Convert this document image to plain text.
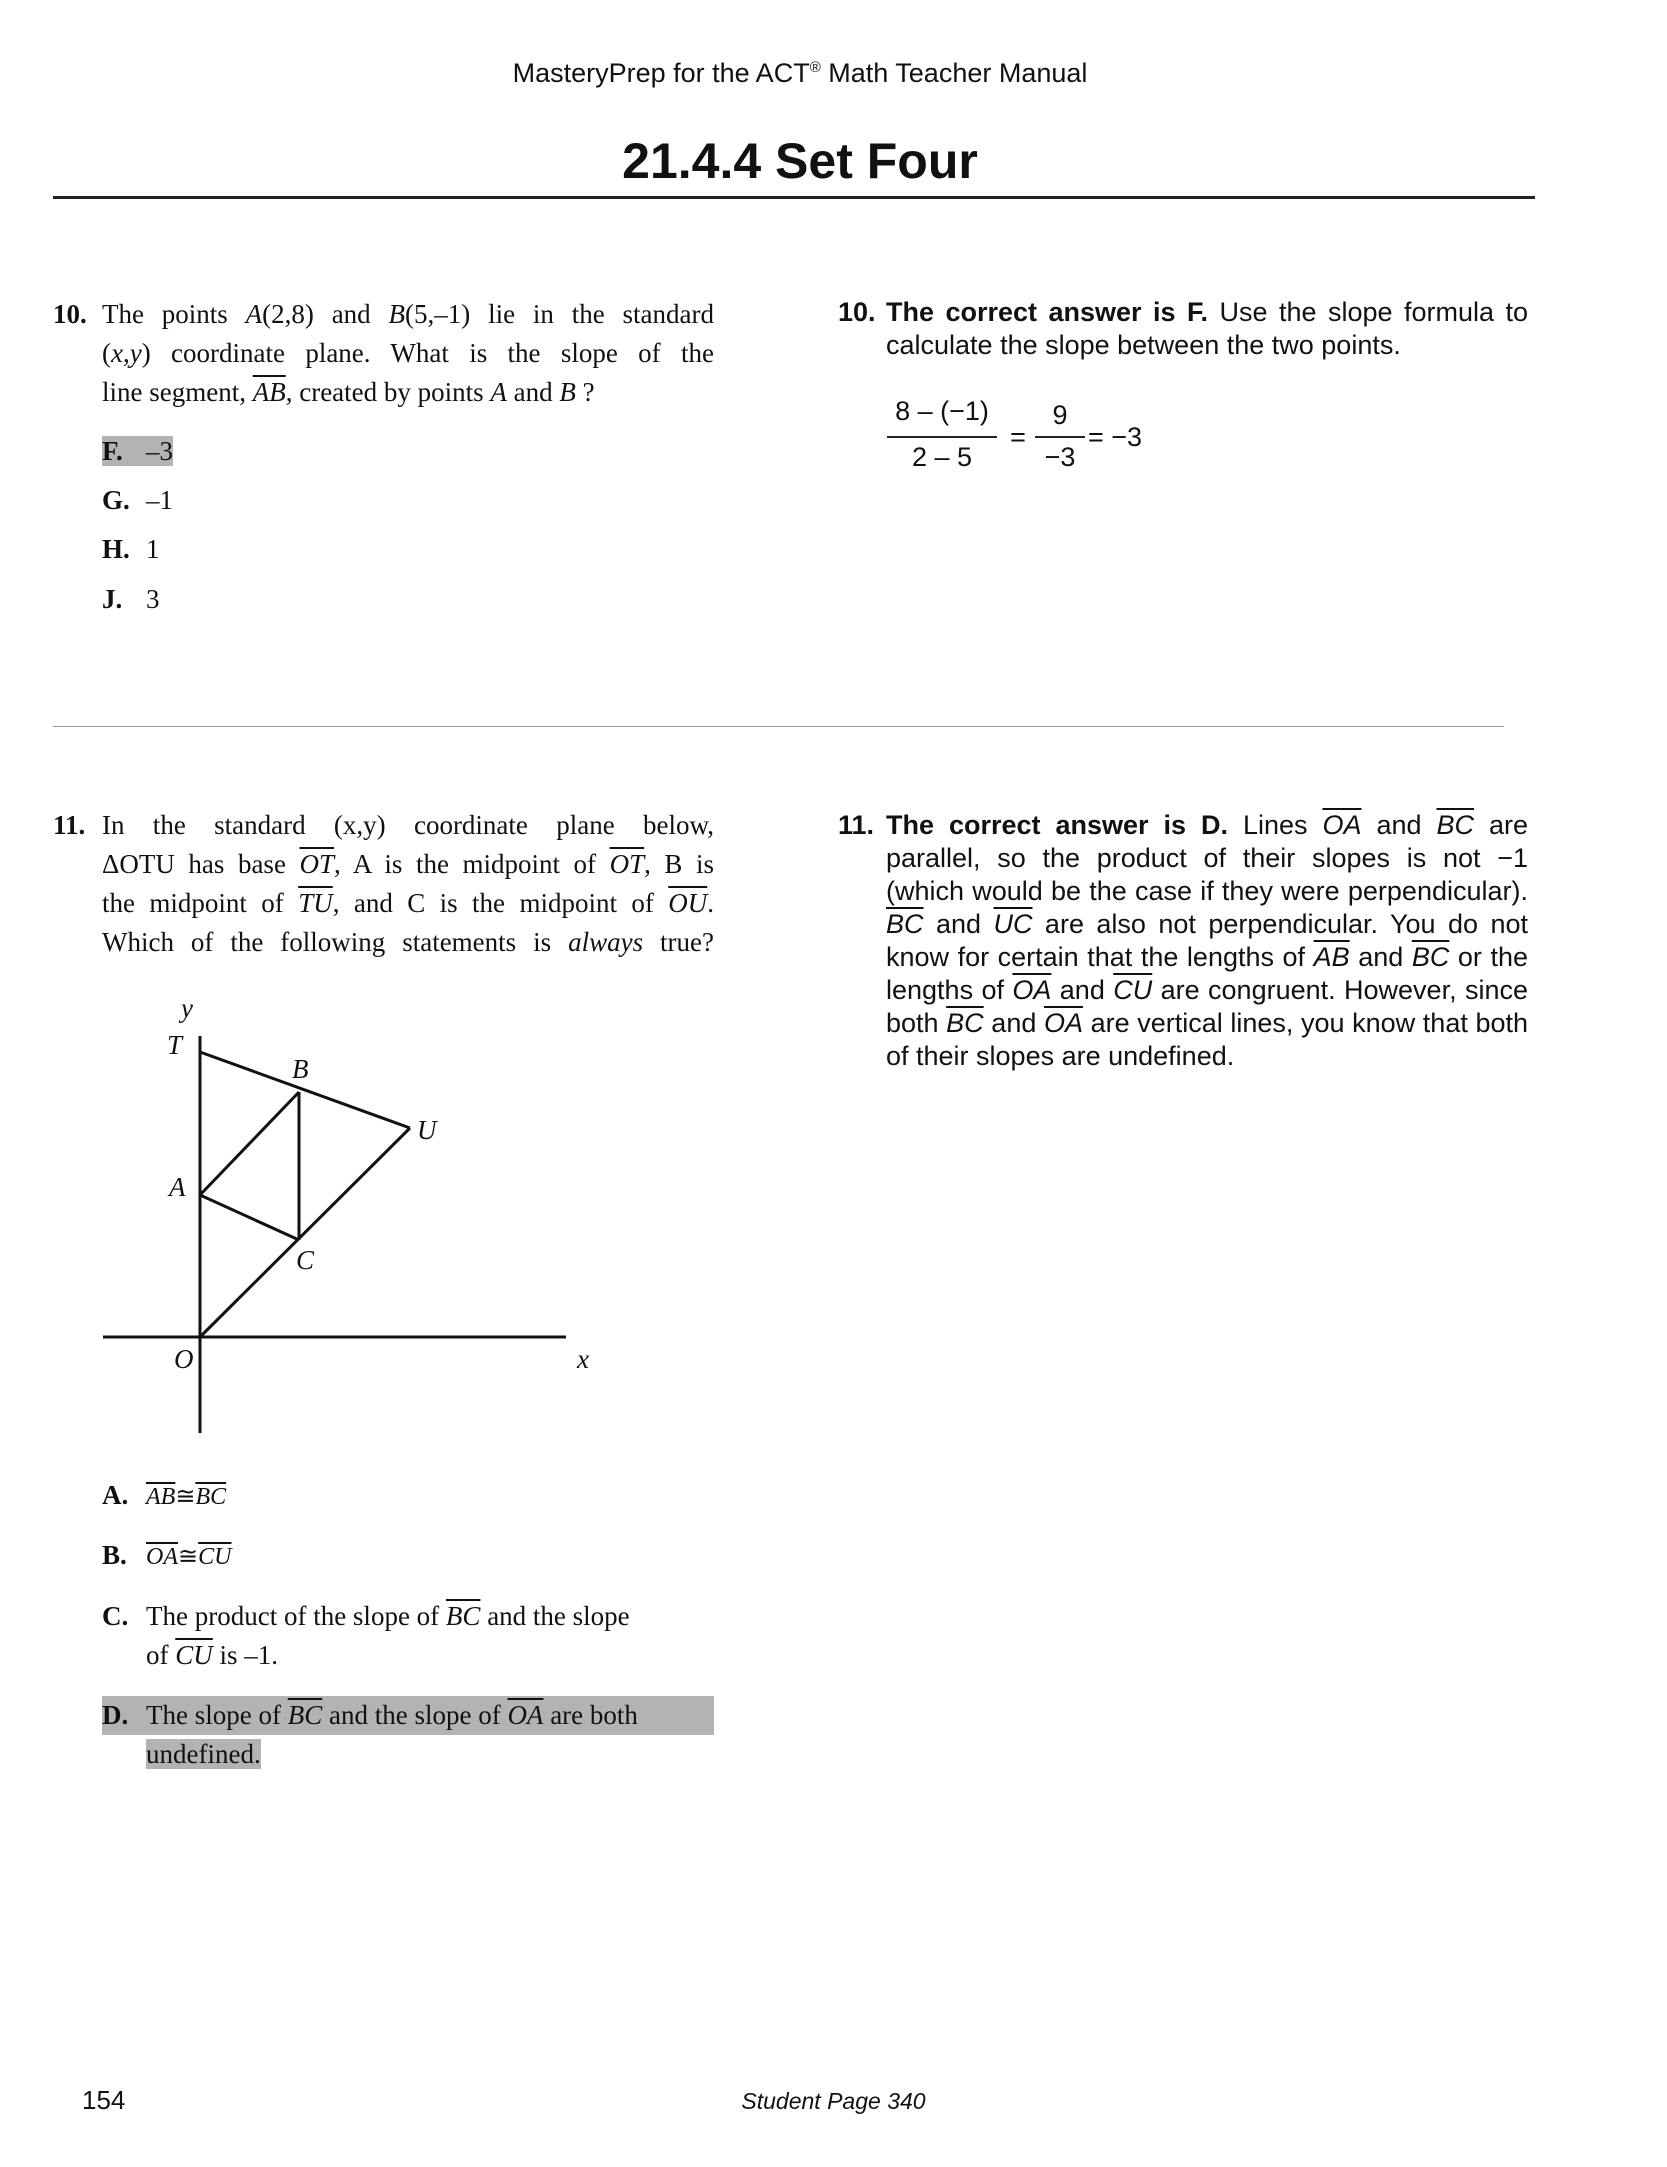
MasteryPrep for the ACT® Math Teacher Manual
21.4.4 Set Four
10. The points A(2,8) and B(5,–1) lie in the standard

(x,y) coordinate plane. What is the slope of the

line segment, $\overline{AB}$, created by points A and B ?

F. –3
G. –1
H. 1
J. 3
10. The correct answer is F. Use the slope formula to calculate the slope between the two points.
8 – (−1)
2 – 5
=
9
−3
= −3
11. In the standard (x,y) coordinate plane below,

ΔOTU has base $\overline{OT}$, A is the midpoint of $\overline{OT}$, B is

the midpoint of $\overline{TU}$, and C is the midpoint of $\overline{OU}$.

Which of the following statements is always true?

y
T
B
U
A
C
O	x
A. $\overline{AB}≅\overline{BC}$
B. $\overline{OA}≅\overline{CU}$
C. The product of the slope of $\overline{BC}$ and the slope
of $\overline{CU}$ is –1.
D. The slope of $\overline{BC}$ and the slope of $\overline{OA}$ are both
undefined.
11. The correct answer is D. Lines $\overline{OA}$ and $\overline{BC}$ are parallel, so the product of their slopes is not −1 (which would be the case if they were perpendicular). $\overline{BC}$ and $\overline{UC}$ are also not perpendicular. You do not know for certain that the lengths of $\overline{AB}$ and $\overline{BC}$ or the lengths of $\overline{OA}$ and $\overline{CU}$ are congruent. However, since both $\overline{BC}$ and $\overline{OA}$ are vertical lines, you know that both of their slopes are undefined.
154	Student Page 340
